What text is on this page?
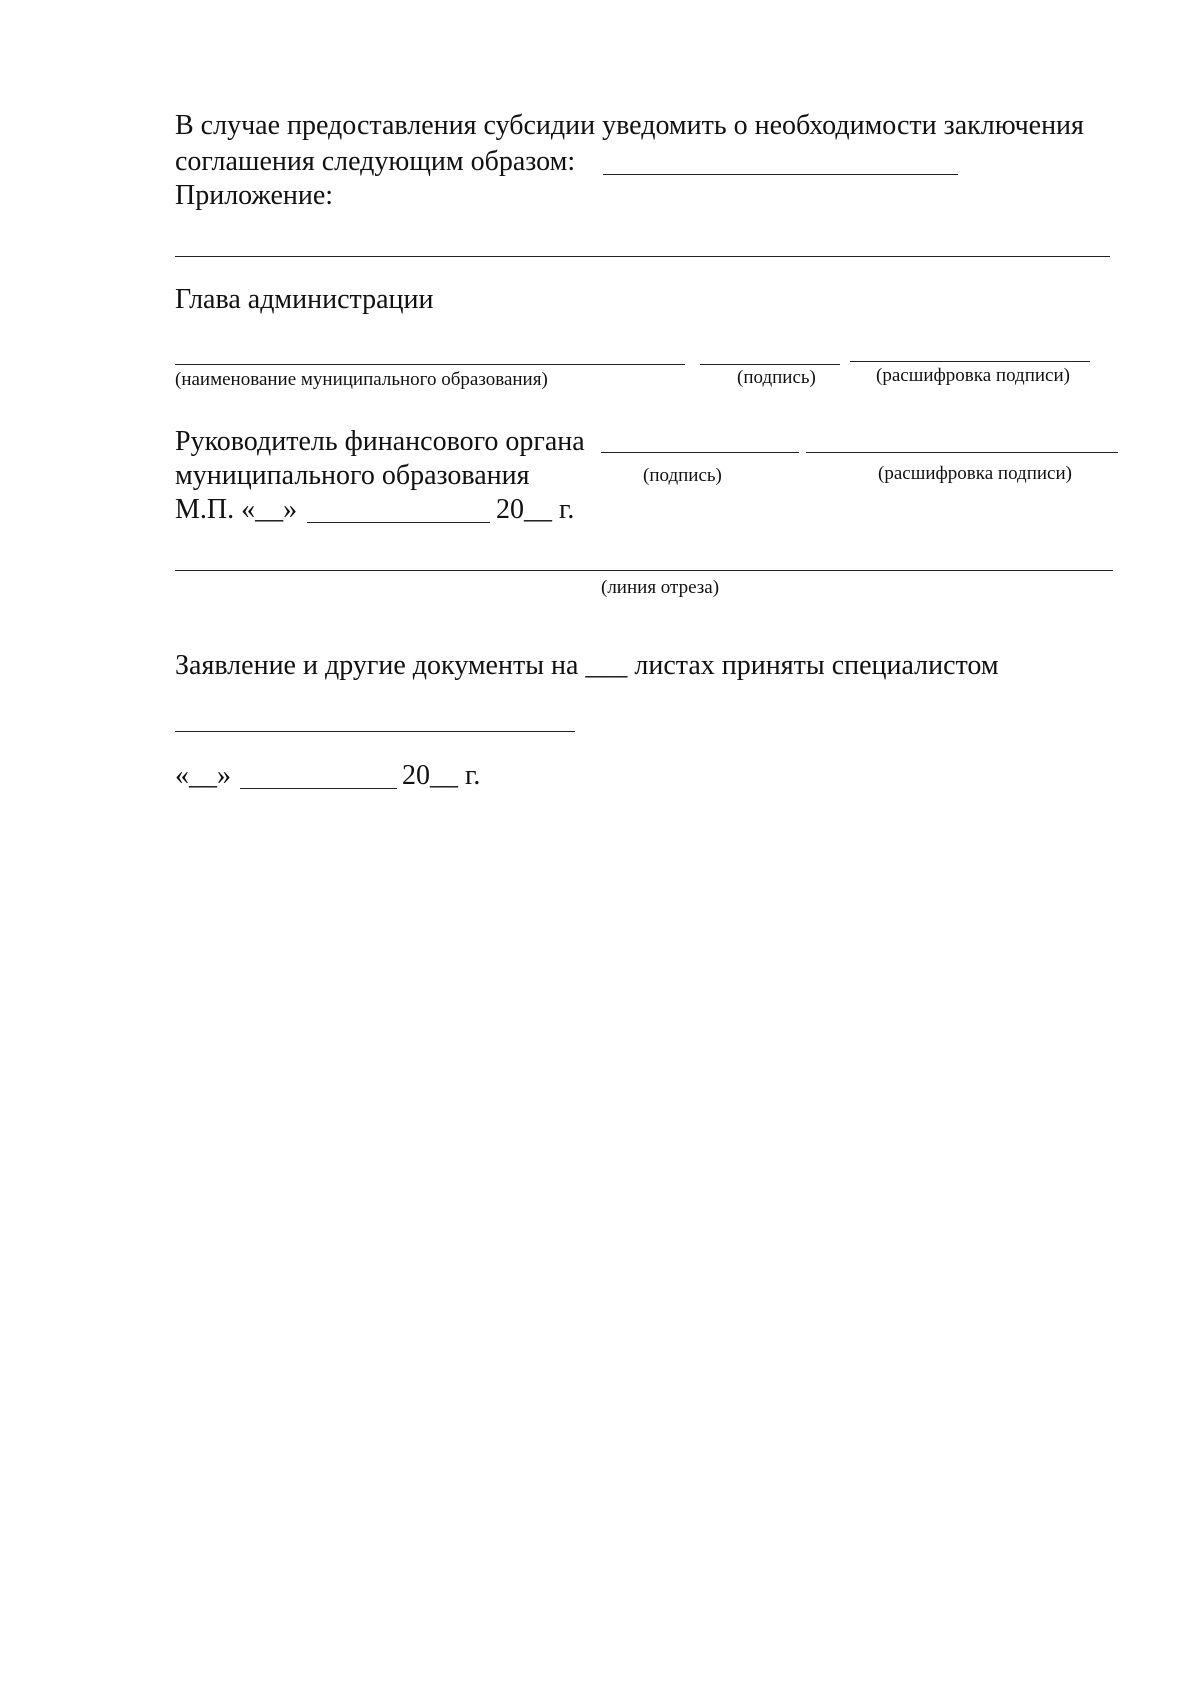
В случае предоставления субсидии уведомить о необходимости заключения
соглашения следующим образом:
Приложение:
Глава администрации
(наименование муниципального образования)	(подпись)	(расшифровка подписи)
Руководитель финансового органа
муниципального образования	(подпись)	(расшифровка подписи)
М.П. «__»	20__ г.
(линия отреза)
Заявление и другие документы на ___ листах приняты специалистом
«__»	20__ г.
